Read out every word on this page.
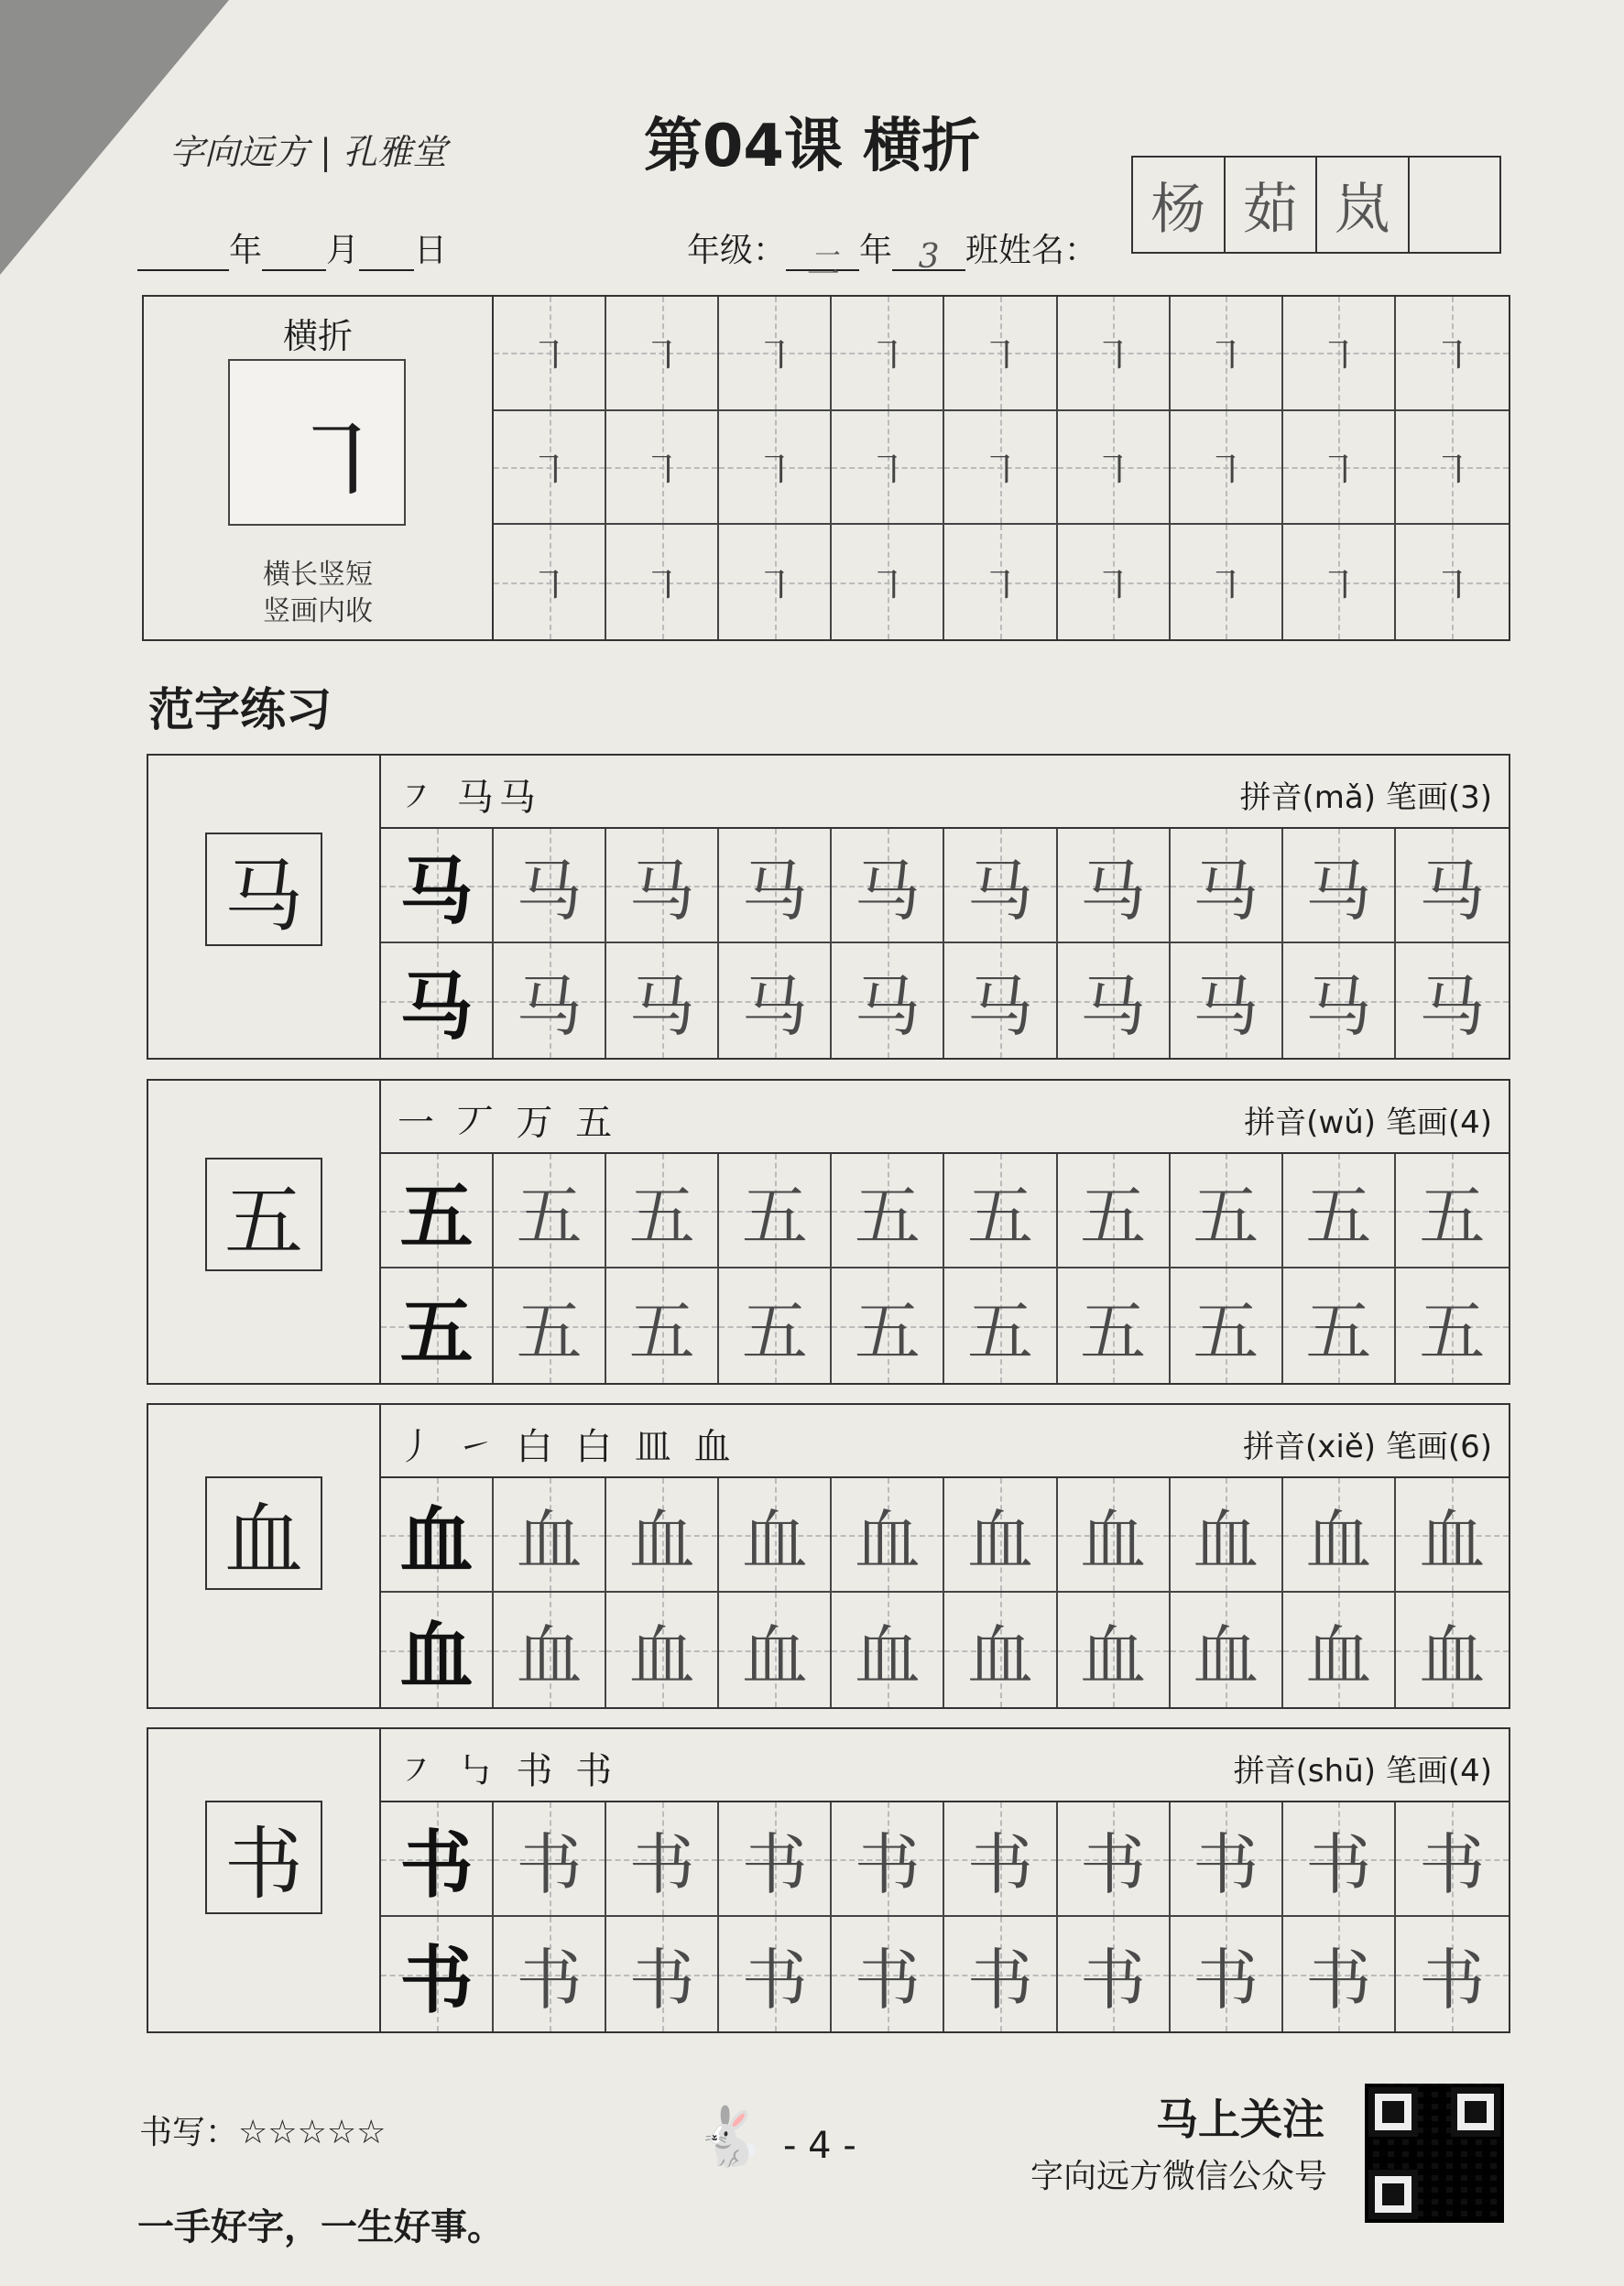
字向远方 | 孔雅堂	第04课 横折
年 月 日	年级： 二 年 3 班姓名：
杨 茹 岚
横折
㇕
横长竖短
竖画内收
㇕ ㇕ ㇕ ㇕ ㇕ ㇕ ㇕ ㇕ ㇕
㇕ ㇕ ㇕ ㇕ ㇕ ㇕ ㇕ ㇕ ㇕
㇕ ㇕ ㇕ ㇕ ㇕ ㇕ ㇕ ㇕ ㇕
范字练习
马
㇇ 马马	拼音(mǎ) 笔画(3)
马 马 马 马 马 马 马 马 马 马
马 马 马 马 马 马 马 马 马 马
五
一 丆 万 五	拼音(wǔ) 笔画(4)
五 五 五 五 五 五 五 五 五 五
五 五 五 五 五 五 五 五 五 五
血
丿 ㇀ 白 白 皿 血	拼音(xiě) 笔画(6)
血 血 血 血 血 血 血 血 血 血
血 血 血 血 血 血 血 血 血 血
书
㇇ ㇉ 书 书	拼音(shū) 笔画(4)
书 书 书 书 书 书 书 书 书 书
书 书 书 书 书 书 书 书 书 书
书写：☆☆☆☆☆	🐇 - 4 -
马上关注
字向远方微信公众号
一手好字，一生好事。
